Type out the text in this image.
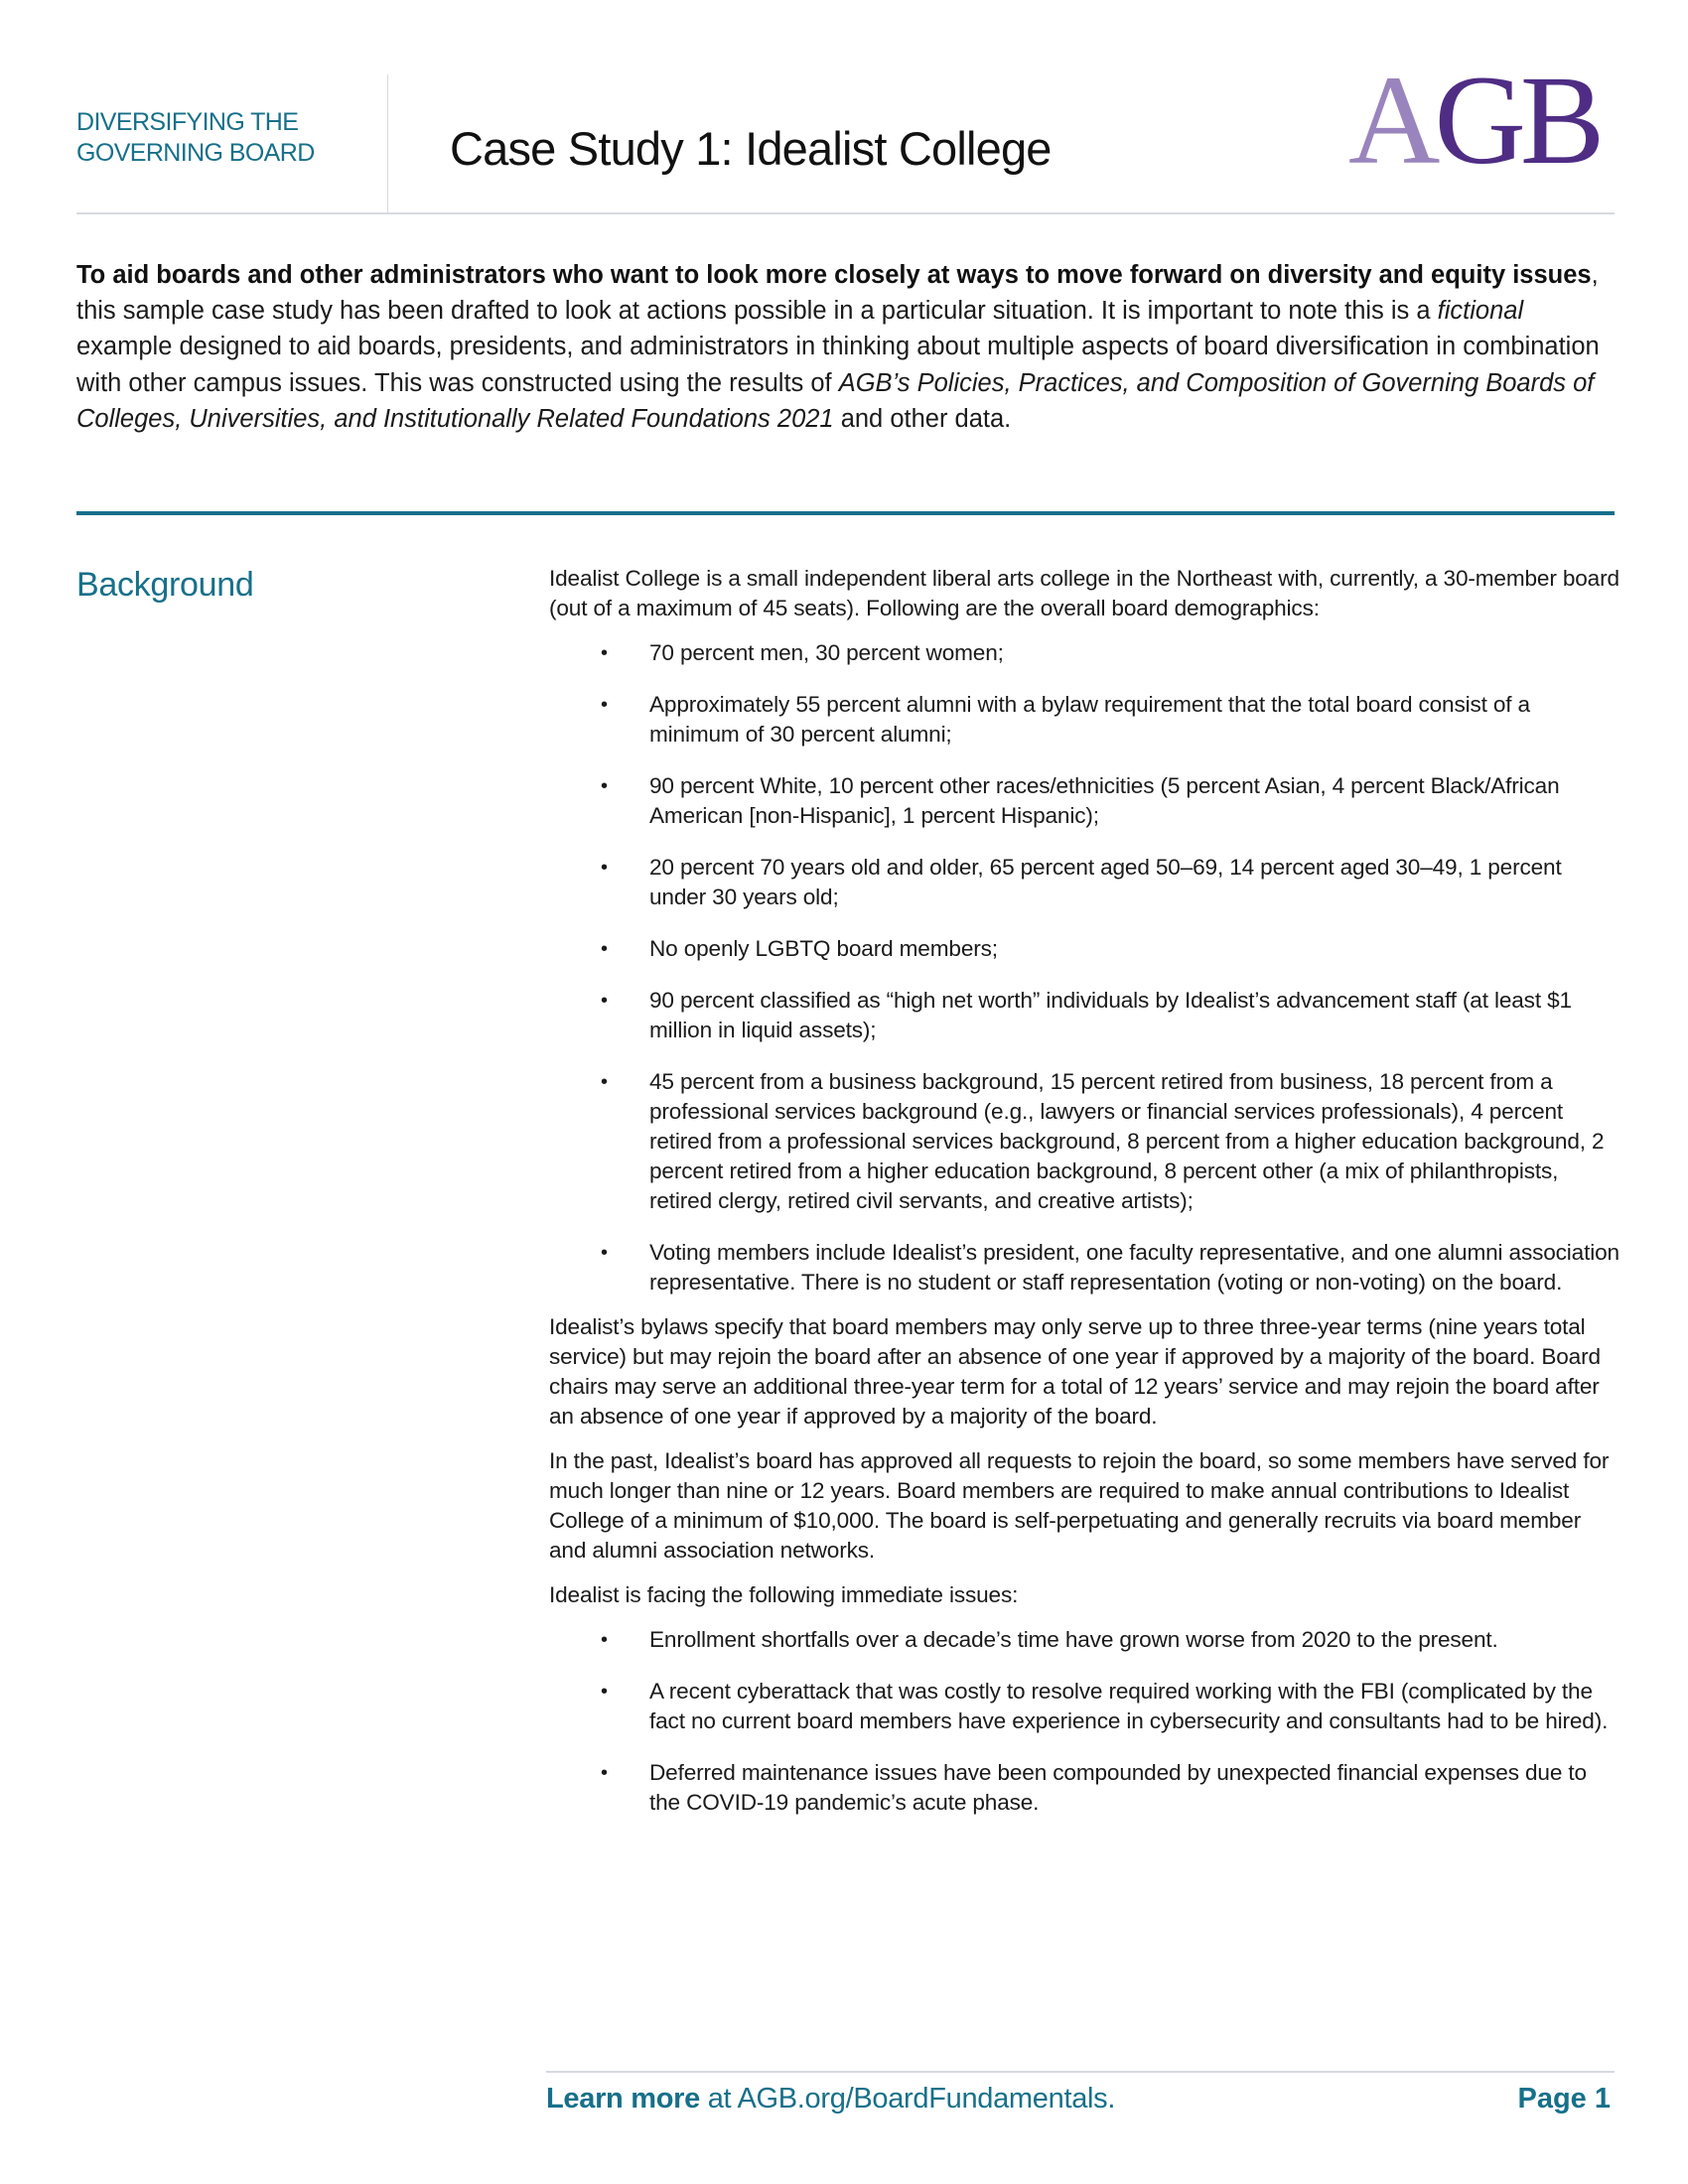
DIVERSIFYING THE
GOVERNING BOARD	Case Study 1: Idealist College AGB

To aid boards and other administrators who want to look more closely at ways to move forward on diversity and equity issues, this sample case study has been drafted to look at actions possible in a particular situation. It is important to note this is a fictional example designed to aid boards, presidents, and administrators in thinking about multiple aspects of board diversification in combination with other campus issues. This was constructed using the results of AGB’s Policies, Practices, and Composition of Governing Boards of Colleges, Universities, and Institutionally Related Foundations 2021 and other data.

Background	Idealist College is a small independent liberal arts college in the Northeast with, currently, a 30-member board (out of a maximum of 45 seats). Following are the overall board demographics:

• 70 percent men, 30 percent women;
• Approximately 55 percent alumni with a bylaw requirement that the total board consist of a minimum of 30 percent alumni;
• 90 percent White, 10 percent other races/ethnicities (5 percent Asian, 4 percent Black/African American [non-Hispanic], 1 percent Hispanic);
• 20 percent 70 years old and older, 65 percent aged 50–69, 14 percent aged 30–49, 1 percent under 30 years old;
• No openly LGBTQ board members;
• 90 percent classified as “high net worth” individuals by Idealist’s advancement staff (at least $1 million in liquid assets);
• 45 percent from a business background, 15 percent retired from business, 18 percent from a professional services background (e.g., lawyers or financial services professionals), 4 percent retired from a professional services background, 8 percent from a higher education background, 2 percent retired from a higher education background, 8 percent other (a mix of philanthropists, retired clergy, retired civil servants, and creative artists);
• Voting members include Idealist’s president, one faculty representative, and one alumni association representative. There is no student or staff representation (voting or non-voting) on the board.

Idealist’s bylaws specify that board members may only serve up to three three-year terms (nine years total service) but may rejoin the board after an absence of one year if approved by a majority of the board. Board chairs may serve an additional three-year term for a total of 12 years’ service and may rejoin the board after an absence of one year if approved by a majority of the board.

In the past, Idealist’s board has approved all requests to rejoin the board, so some members have served for much longer than nine or 12 years. Board members are required to make annual contributions to Idealist College of a minimum of $10,000. The board is self-perpetuating and generally recruits via board member and alumni association networks.

Idealist is facing the following immediate issues:

• Enrollment shortfalls over a decade’s time have grown worse from 2020 to the present.
• A recent cyberattack that was costly to resolve required working with the FBI (complicated by the fact no current board members have experience in cybersecurity and consultants had to be hired).
• Deferred maintenance issues have been compounded by unexpected financial expenses due to the COVID-19 pandemic’s acute phase.
Learn more at AGB.org/BoardFundamentals.	Page 1
